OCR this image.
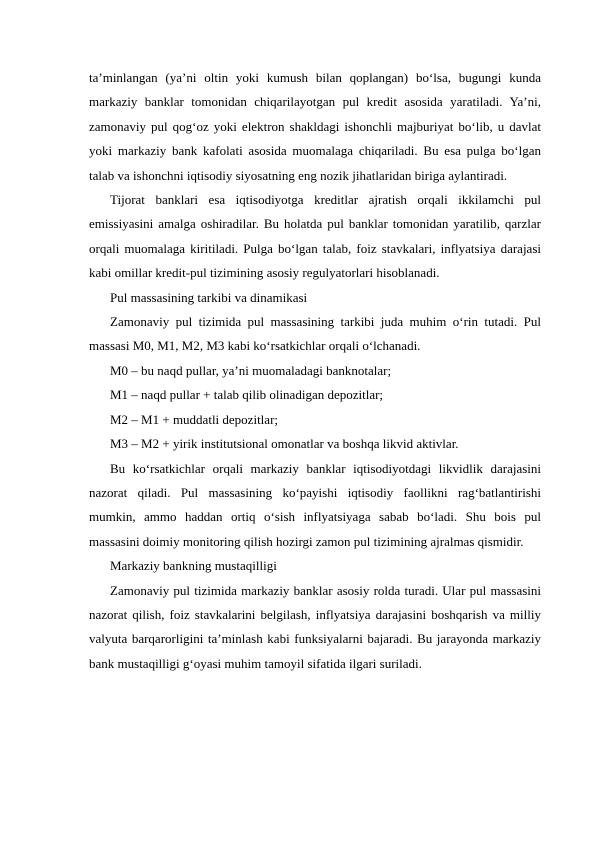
ta’minlangan (ya’ni oltin yoki kumush bilan qoplangan) bo‘lsa, bugungi kunda markaziy banklar tomonidan chiqarilayotgan pul kredit asosida yaratiladi. Ya’ni, zamonaviy pul qog‘oz yoki elektron shakldagi ishonchli majburiyat bo‘lib, u davlat yoki markaziy bank kafolati asosida muomalaga chiqariladi. Bu esa pulga bo‘lgan talab va ishonchni iqtisodiy siyosatning eng nozik jihatlaridan biriga aylantiradi.

Tijorat banklari esa iqtisodiyotga kreditlar ajratish orqali ikkilamchi pul emissiyasini amalga oshiradilar. Bu holatda pul banklar tomonidan yaratilib, qarzlar orqali muomalaga kiritiladi. Pulga bo‘lgan talab, foiz stavkalari, inflyatsiya darajasi kabi omillar kredit-pul tizimining asosiy regulyatorlari hisoblanadi.

Pul massasining tarkibi va dinamikasi

Zamonaviy pul tizimida pul massasining tarkibi juda muhim o‘rin tutadi. Pul massasi M0, M1, M2, M3 kabi ko‘rsatkichlar orqali o‘lchanadi.

M0 – bu naqd pullar, ya’ni muomaladagi banknotalar;

M1 – naqd pullar + talab qilib olinadigan depozitlar;

M2 – M1 + muddatli depozitlar;

M3 – M2 + yirik institutsional omonatlar va boshqa likvid aktivlar.

Bu ko‘rsatkichlar orqali markaziy banklar iqtisodiyotdagi likvidlik darajasini nazorat qiladi. Pul massasining ko‘payishi iqtisodiy faollikni rag‘batlantirishi mumkin, ammo haddan ortiq o‘sish inflyatsiyaga sabab bo‘ladi. Shu bois pul massasini doimiy monitoring qilish hozirgi zamon pul tizimining ajralmas qismidir.

Markaziy bankning mustaqilligi

Zamonaviy pul tizimida markaziy banklar asosiy rolda turadi. Ular pul massasini nazorat qilish, foiz stavkalarini belgilash, inflyatsiya darajasini boshqarish va milliy valyuta barqarorligini ta’minlash kabi funksiyalarni bajaradi. Bu jarayonda markaziy bank mustaqilligi g‘oyasi muhim tamoyil sifatida ilgari suriladi.
